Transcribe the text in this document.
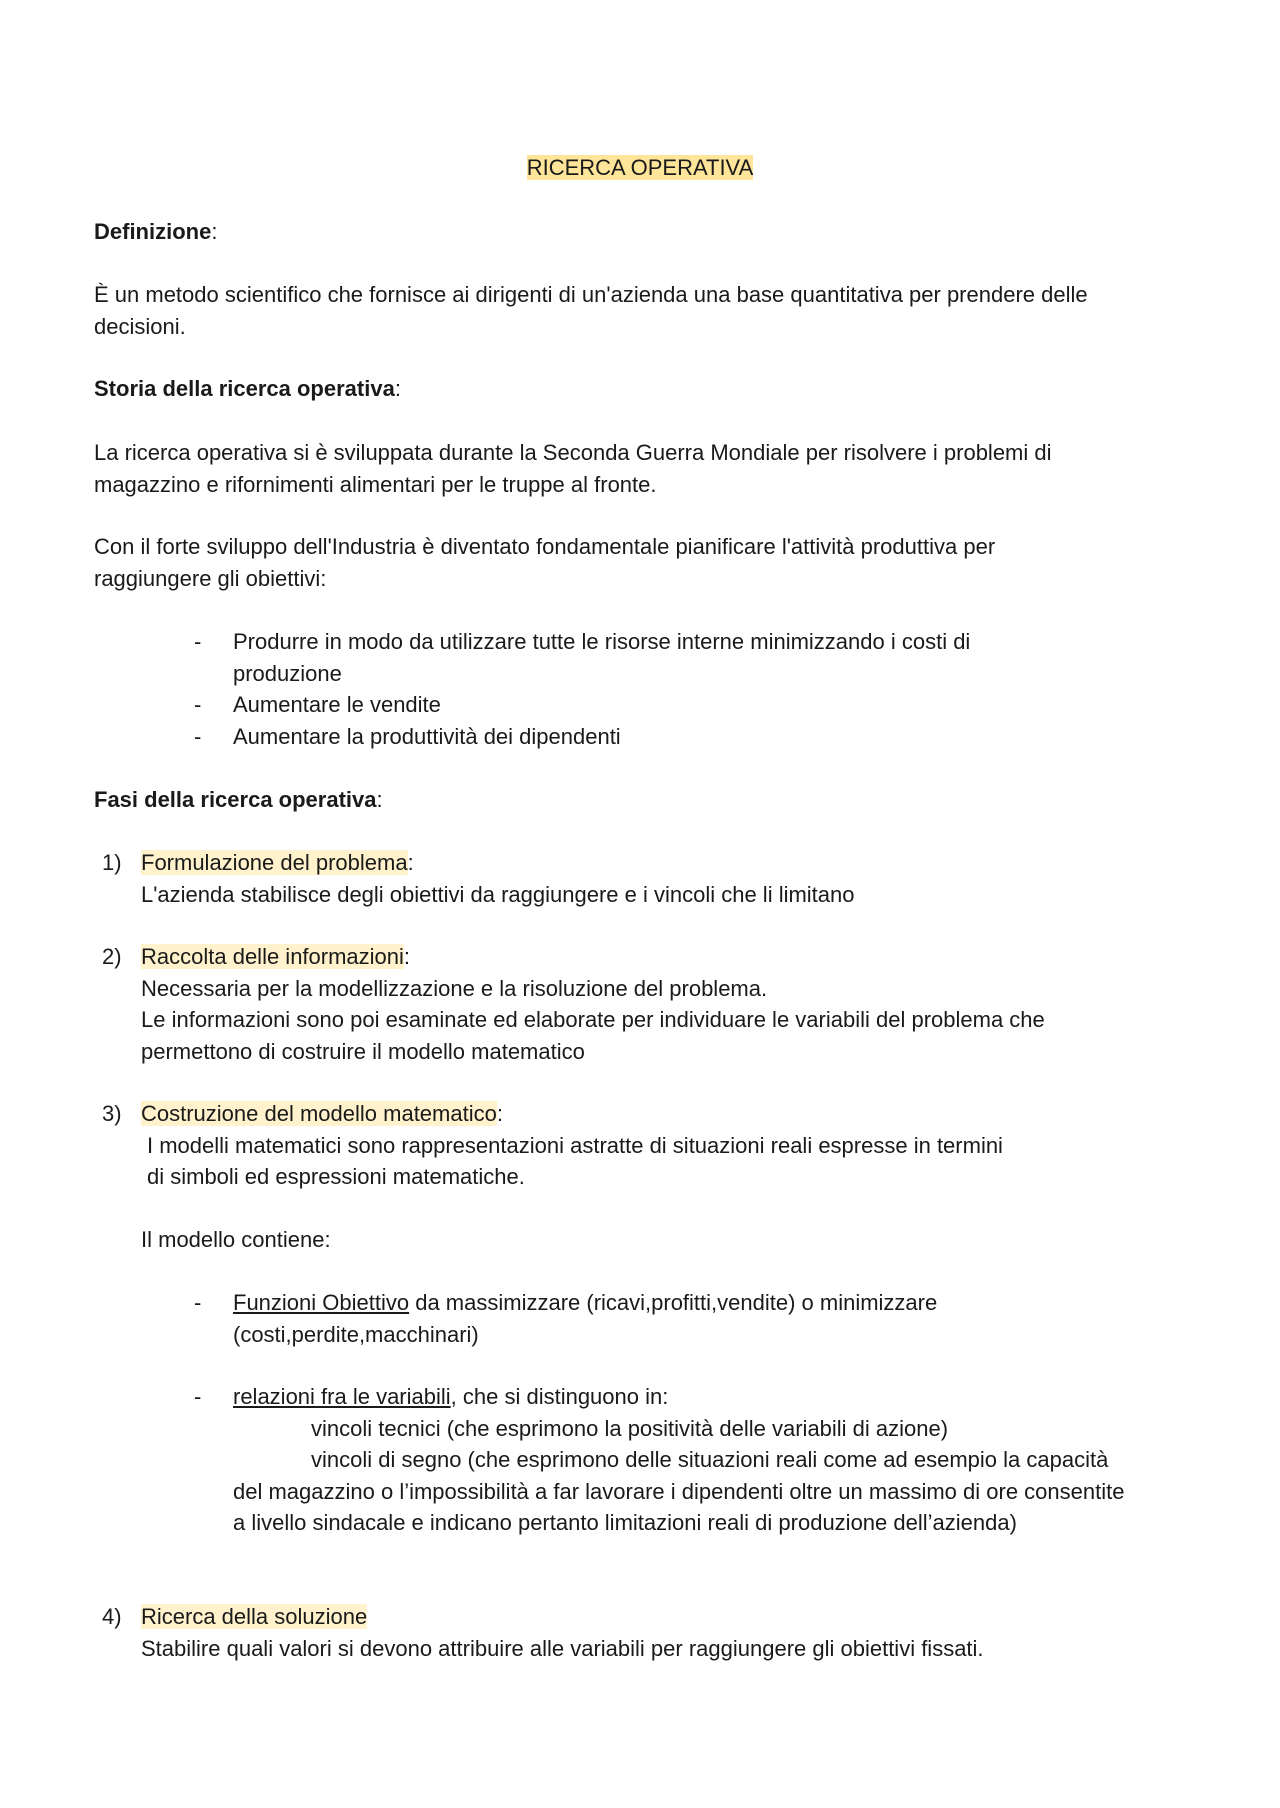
RICERCA OPERATIVA

Definizione:

È un metodo scientifico che fornisce ai dirigenti di un'azienda una base quantitativa per prendere delle decisioni.

Storia della ricerca operativa:

La ricerca operativa si è sviluppata durante la Seconda Guerra Mondiale per risolvere i problemi di magazzino e rifornimenti alimentari per le truppe al fronte.

Con il forte sviluppo dell'Industria è diventato fondamentale pianificare l'attività produttiva per raggiungere gli obiettivi:

- Produrre in modo da utilizzare tutte le risorse interne minimizzando i costi di produzione

- Aumentare le vendite

- Aumentare la produttività dei dipendenti

Fasi della ricerca operativa:

1) Formulazione del problema:
L'azienda stabilisce degli obiettivi da raggiungere e i vincoli che li limitano
2) Raccolta delle informazioni:
Necessaria per la modellizzazione e la risoluzione del problema.
Le informazioni sono poi esaminate ed elaborate per individuare le variabili del problema che permettono di costruire il modello matematico
3) Costruzione del modello matematico:
I modelli matematici sono rappresentazioni astratte di situazioni reali espresse in termini di simboli ed espressioni matematiche.

Il modello contiene:

- Funzioni Obiettivo da massimizzare (ricavi,profitti,vendite) o minimizzare (costi,perdite,macchinari)

- relazioni fra le variabili, che si distinguono in:
vincoli tecnici (che esprimono la positività delle variabili di azione)
vincoli di segno (che esprimono delle situazioni reali come ad esempio la capacità del magazzino o l’impossibilità a far lavorare i dipendenti oltre un massimo di ore consentite a livello sindacale e indicano pertanto limitazioni reali di produzione dell’azienda)
4) Ricerca della soluzione
Stabilire quali valori si devono attribuire alle variabili per raggiungere gli obiettivi fissati.
